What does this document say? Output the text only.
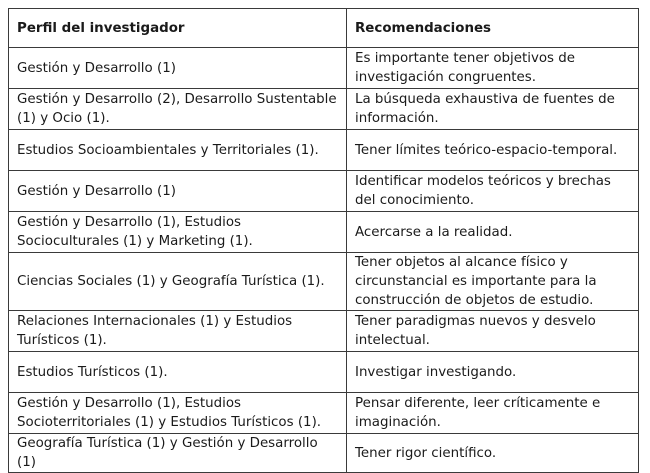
Perfil del investigador	Recomendaciones
Gestión y Desarrollo (1)	Es importante tener objetivos de investigación congruentes.
Gestión y Desarrollo (2), Desarrollo Sustentable (1) y Ocio (1).	La búsqueda exhaustiva de fuentes de información.
Estudios Socioambientales y Territoriales (1).	Tener límites teórico-espacio-temporal.
Gestión y Desarrollo (1)	Identificar modelos teóricos y brechas del conocimiento.
Gestión y Desarrollo (1), Estudios Socioculturales (1) y Marketing (1).	Acercarse a la realidad.
Ciencias Sociales (1) y Geografía Turística (1).	Tener objetos al alcance físico y circunstancial es importante para la construcción de objetos de estudio.
Relaciones Internacionales (1) y Estudios Turísticos (1).	Tener paradigmas nuevos y desvelo intelectual.
Estudios Turísticos (1).	Investigar investigando.
Gestión y Desarrollo (1), Estudios Socioterritoriales (1) y Estudios Turísticos (1).	Pensar diferente, leer críticamente e imaginación.
Geografía Turística (1) y Gestión y Desarrollo (1)	Tener rigor científico.
